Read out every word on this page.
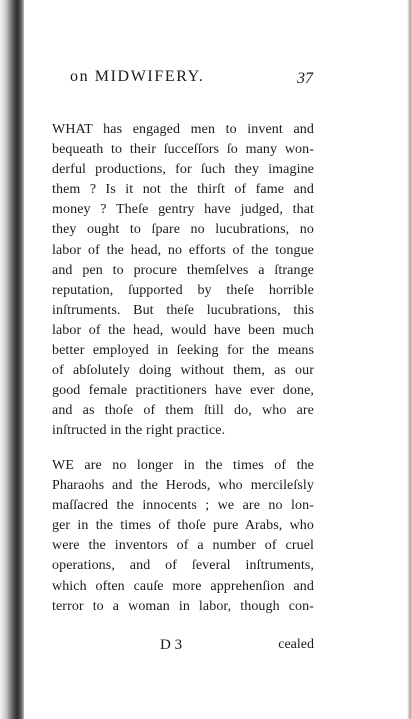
on MIDWIFERY.	37
WHAT has engaged men to invent and
bequeath to their ſucceſſors ſo many won-
derful productions, for ſuch they imagine
them ? Is it not the thirſt of fame and
money ? Theſe gentry have judged, that
they ought to ſpare no lucubrations, no
labor of the head, no efforts of the tongue
and pen to procure themſelves a ſtrange
reputation, ſupported by theſe horrible
inſtruments. But theſe lucubrations, this
labor of the head, would have been much
better employed in ſeeking for the means
of abſolutely doing without them, as our
good female practitioners have ever done,
and as thoſe of them ſtill do, who are
inſtructed in the right practice.
WE are no longer in the times of the
Pharaohs and the Herods, who mercileſsly
maſſacred the innocents ; we are no lon-
ger in the times of thoſe pure Arabs, who
were the inventors of a number of cruel
operations, and of ſeveral inſtruments,
which often cauſe more apprehenſion and
terror to a woman in labor, though con-
D 3	cealed
